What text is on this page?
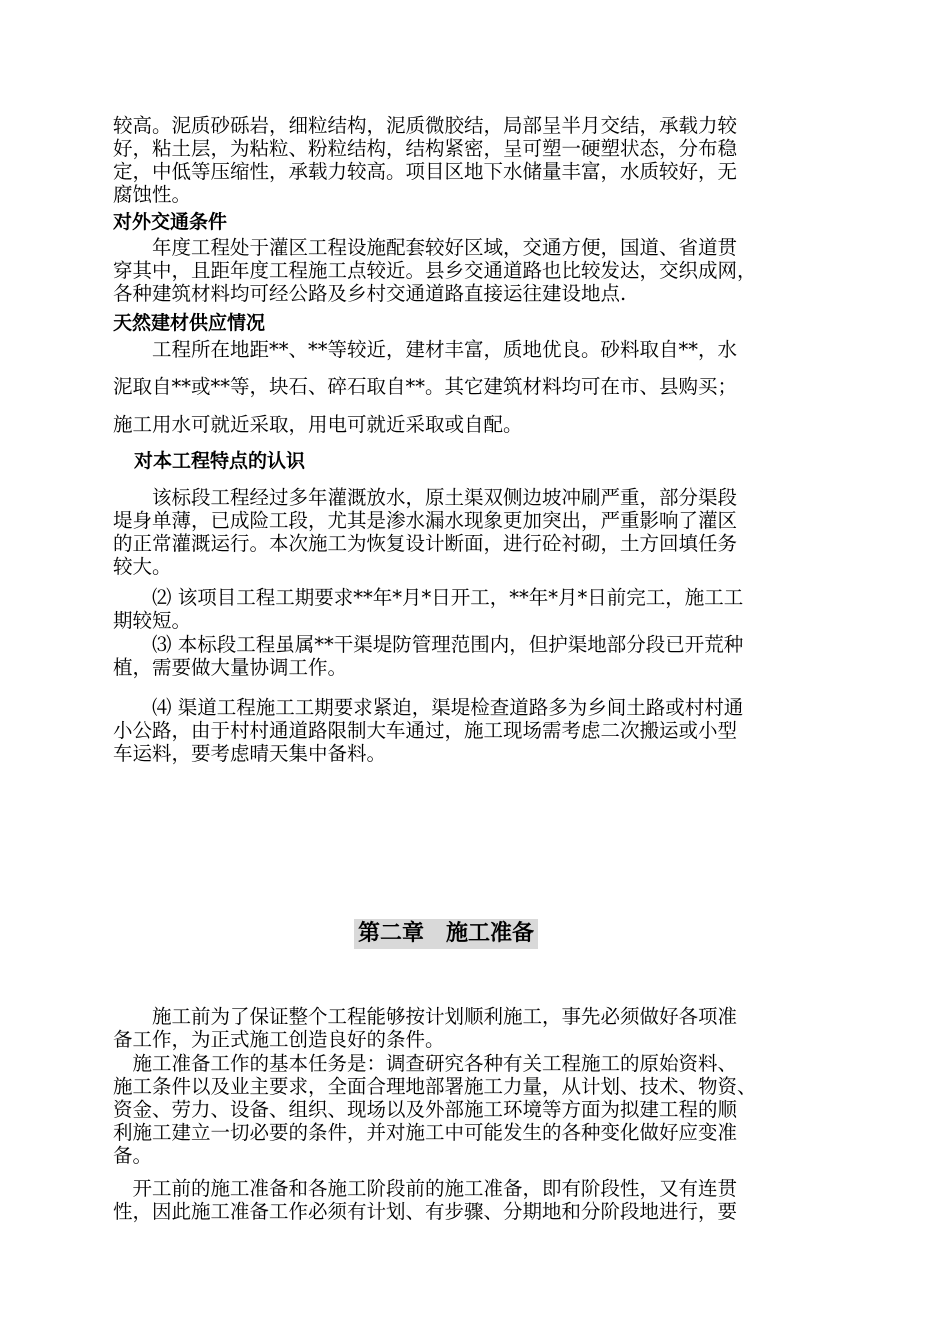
较高。泥质砂砾岩，细粒结构，泥质微胶结，局部呈半月交结，承载力较
好，粘土层，为粘粒、粉粒结构，结构紧密，呈可塑一硬塑状态，分布稳
定，中低等压缩性，承载力较高。项目区地下水储量丰富，水质较好，无
腐蚀性。
对外交通条件
　　年度工程处于灌区工程设施配套较好区域，交通方便，国道、省道贯
穿其中，且距年度工程施工点较近。县乡交通道路也比较发达，交织成网，
各种建筑材料均可经公路及乡村交通道路直接运往建设地点.
天然建材供应情况
　　工程所在地距**、**等较近，建材丰富，质地优良。砂料取自**，水
泥取自**或**等，块石、碎石取自**。其它建筑材料均可在市、县购买；
施工用水可就近采取，用电可就近采取或自配。
对本工程特点的认识
　　该标段工程经过多年灌溉放水，原土渠双侧边坡冲刷严重，部分渠段
堤身单薄，已成险工段，尤其是渗水漏水现象更加突出，严重影响了灌区
的正常灌溉运行。本次施工为恢复设计断面，进行砼衬砌，土方回填任务
较大。
　　⑵ 该项目工程工期要求**年*月*日开工，**年*月*日前完工，施工工
期较短。
　　⑶ 本标段工程虽属**干渠堤防管理范围内，但护渠地部分段已开荒种
植，需要做大量协调工作。
　　⑷ 渠道工程施工工期要求紧迫，渠堤检查道路多为乡间土路或村村通
小公路，由于村村通道路限制大车通过，施工现场需考虑二次搬运或小型
车运料，要考虑晴天集中备料。
第二章　施工准备
　　施工前为了保证整个工程能够按计划顺利施工，事先必须做好各项准
备工作，为正式施工创造良好的条件。
　施工准备工作的基本任务是：调查研究各种有关工程施工的原始资料、
施工条件以及业主要求，全面合理地部署施工力量，从计划、技术、物资、
资金、劳力、设备、组织、现场以及外部施工环境等方面为拟建工程的顺
利施工建立一切必要的条件，并对施工中可能发生的各种变化做好应变准
备。
　开工前的施工准备和各施工阶段前的施工准备，即有阶段性，又有连贯
性，因此施工准备工作必须有计划、有步骤、分期地和分阶段地进行，要
